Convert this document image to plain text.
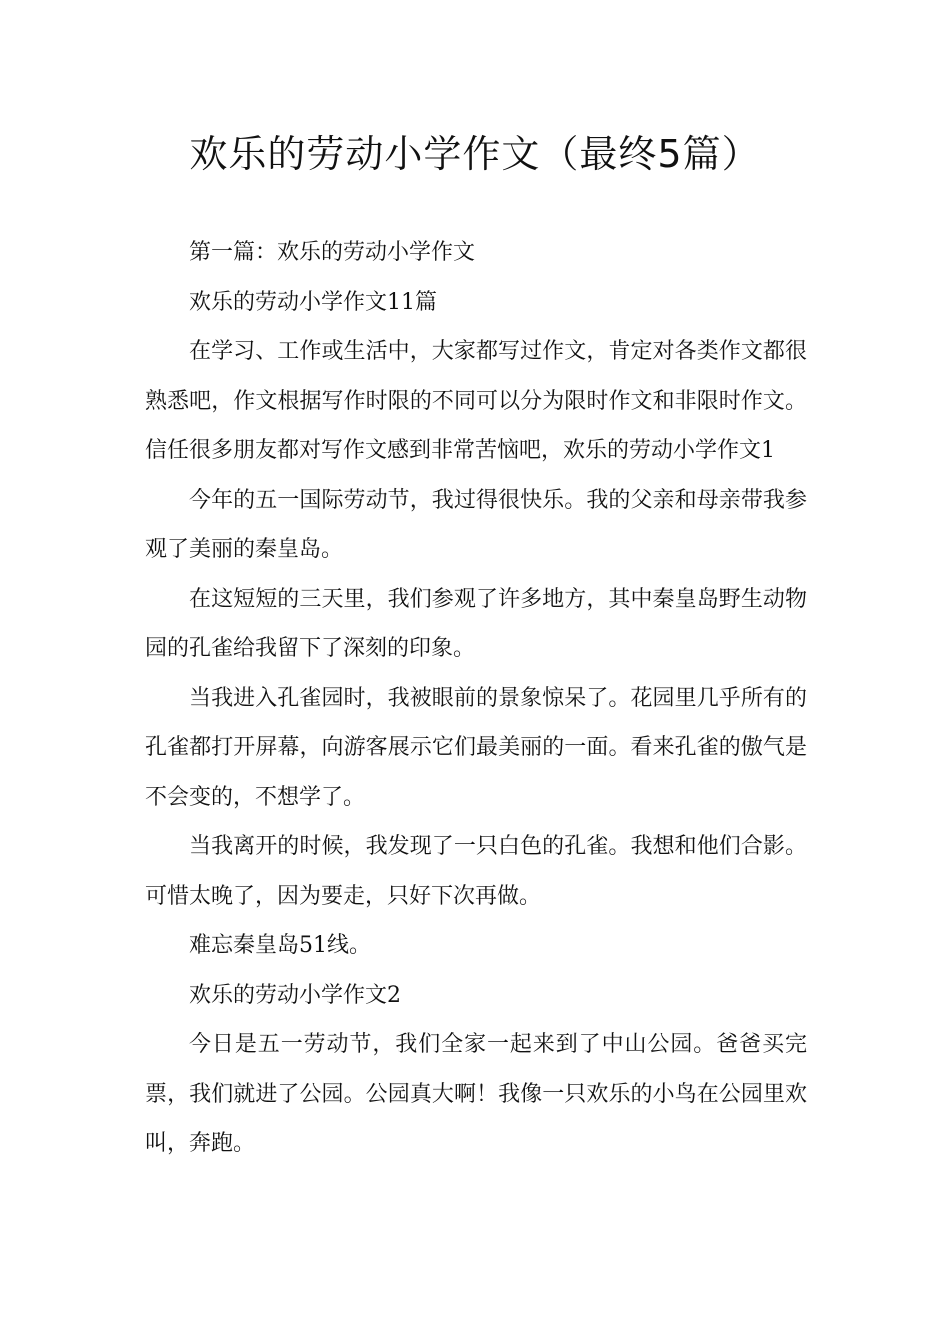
欢乐的劳动小学作文（最终5篇）

第一篇：欢乐的劳动小学作文

欢乐的劳动小学作文11篇

在学习、工作或生活中，大家都写过作文，肯定对各类作文都很熟悉吧，作文根据写作时限的不同可以分为限时作文和非限时作文。信任很多朋友都对写作文感到非常苦恼吧，欢乐的劳动小学作文1

今年的五一国际劳动节，我过得很快乐。我的父亲和母亲带我参观了美丽的秦皇岛。

在这短短的三天里，我们参观了许多地方，其中秦皇岛野生动物园的孔雀给我留下了深刻的印象。

当我进入孔雀园时，我被眼前的景象惊呆了。花园里几乎所有的孔雀都打开屏幕，向游客展示它们最美丽的一面。看来孔雀的傲气是不会变的，不想学了。

当我离开的时候，我发现了一只白色的孔雀。我想和他们合影。可惜太晚了，因为要走，只好下次再做。

难忘秦皇岛51线。

欢乐的劳动小学作文2

今日是五一劳动节，我们全家一起来到了中山公园。爸爸买完票，我们就进了公园。公园真大啊！我像一只欢乐的小鸟在公园里欢叫，奔跑。
